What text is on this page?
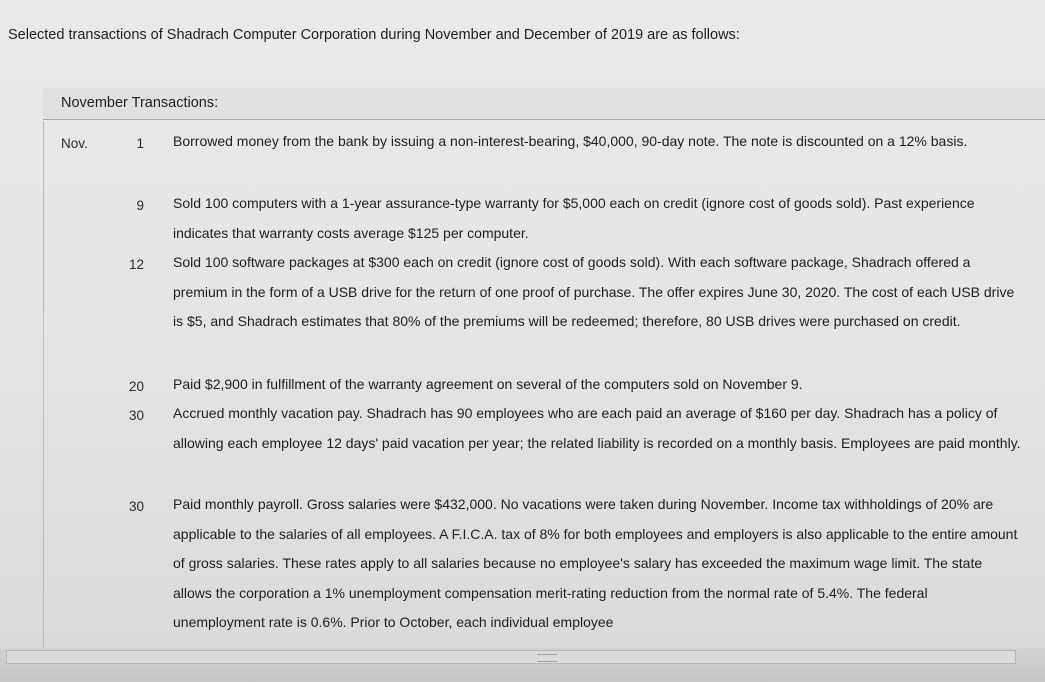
Selected transactions of Shadrach Computer Corporation during November and December of 2019 are as follows:
November Transactions:
Nov.	1 Borrowed money from the bank by issuing a non-interest-bearing, $40,000, 90-day note. The note is discounted on a 12% basis.
9 Sold 100 computers with a 1-year assurance-type warranty for $5,000 each on credit (ignore cost of goods sold). Past experience indicates that warranty costs average $125 per computer.
12 Sold 100 software packages at $300 each on credit (ignore cost of goods sold). With each software package, Shadrach offered a premium in the form of a USB drive for the return of one proof of purchase. The offer expires June 30, 2020. The cost of each USB drive is $5, and Shadrach estimates that 80% of the premiums will be redeemed; therefore, 80 USB drives were purchased on credit.
20 Paid $2,900 in fulfillment of the warranty agreement on several of the computers sold on November 9.
30 Accrued monthly vacation pay. Shadrach has 90 employees who are each paid an average of $160 per day. Shadrach has a policy of allowing each employee 12 days' paid vacation per year; the related liability is recorded on a monthly basis. Employees are paid monthly.
30 Paid monthly payroll. Gross salaries were $432,000. No vacations were taken during November. Income tax withholdings of 20% are applicable to the salaries of all employees. A F.I.C.A. tax of 8% for both employees and employers is also applicable to the entire amount of gross salaries. These rates apply to all salaries because no employee's salary has exceeded the maximum wage limit. The state allows the corporation a 1% unemployment compensation merit-rating reduction from the normal rate of 5.4%. The federal unemployment rate is 0.6%. Prior to October, each individual employee
